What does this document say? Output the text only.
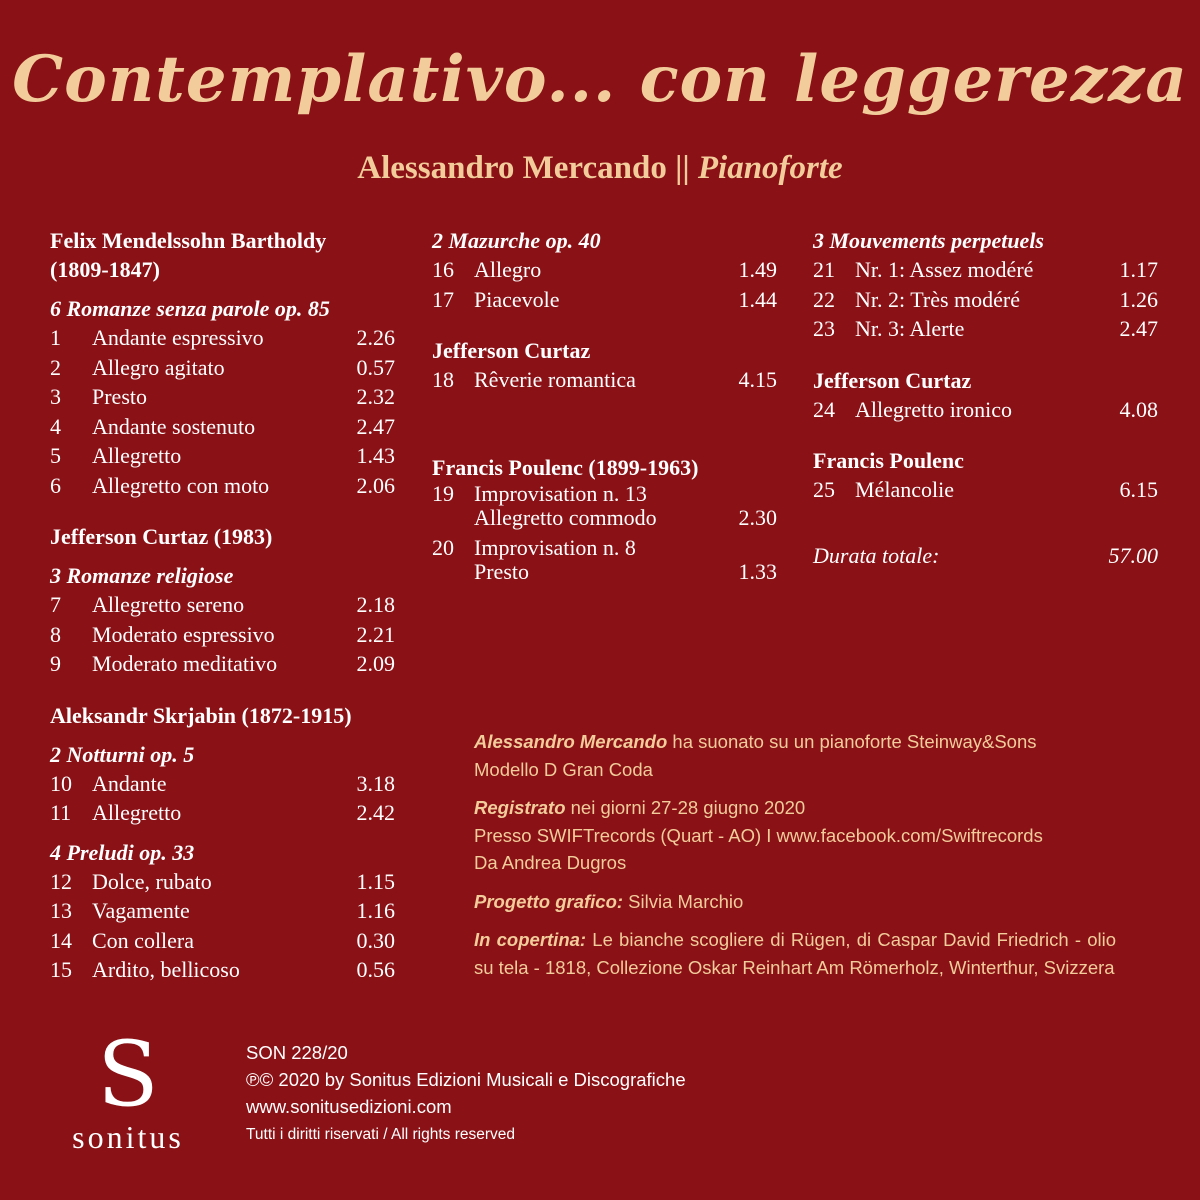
Contemplativo... con leggerezza
Alessandro Mercando || Pianoforte
Felix Mendelssohn Bartholdy
(1809-1847)
6 Romanze senza parole op. 85
1	Andante espressivo	2.26
2	Allegro agitato	0.57
3	Presto	2.32
4	Andante sostenuto	2.47
5	Allegretto	1.43
6	Allegretto con moto	2.06
Jefferson Curtaz (1983)
3 Romanze religiose
7	Allegretto sereno	2.18
8	Moderato espressivo	2.21
9	Moderato meditativo	2.09
Aleksandr Skrjabin (1872-1915)
2 Notturni op. 5
10 Andante	3.18
11 Allegretto	2.42
4 Preludi op. 33
12 Dolce, rubato	1.15
13 Vagamente	1.16
14 Con collera	0.30
15 Ardito, bellicoso	0.56
2 Mazurche op. 40
16 Allegro	1.49
17 Piacevole	1.44
Jefferson Curtaz
18 Rêverie romantica	4.15
Francis Poulenc (1899-1963)
19 Improvisation n. 13
Allegretto commodo	2.30
20 Improvisation n. 8
Presto	1.33
3 Mouvements perpetuels
21 Nr. 1: Assez modéré	1.17
22 Nr. 2: Très modéré	1.26
23 Nr. 3: Alerte	2.47
Jefferson Curtaz
24 Allegretto ironico	4.08
Francis Poulenc
25 Mélancolie	6.15
Durata totale:	57.00
Alessandro Mercando ha suonato su un pianoforte Steinway&Sons
Modello D Gran Coda
Registrato nei giorni 27-28 giugno 2020
Presso SWIFTrecords (Quart - AO) I www.facebook.com/Swiftrecords
Da Andrea Dugros
Progetto grafico: Silvia Marchio
In copertina: Le bianche scogliere di Rügen, di Caspar David Friedrich - olio su tela - 1818, Collezione Oskar Reinhart Am Römerholz, Winterthur, Svizzera
S
sonitus
SON 228/20
℗© 2020 by Sonitus Edizioni Musicali e Discografiche
www.sonitusedizioni.com
Tutti i diritti riservati / All rights reserved
